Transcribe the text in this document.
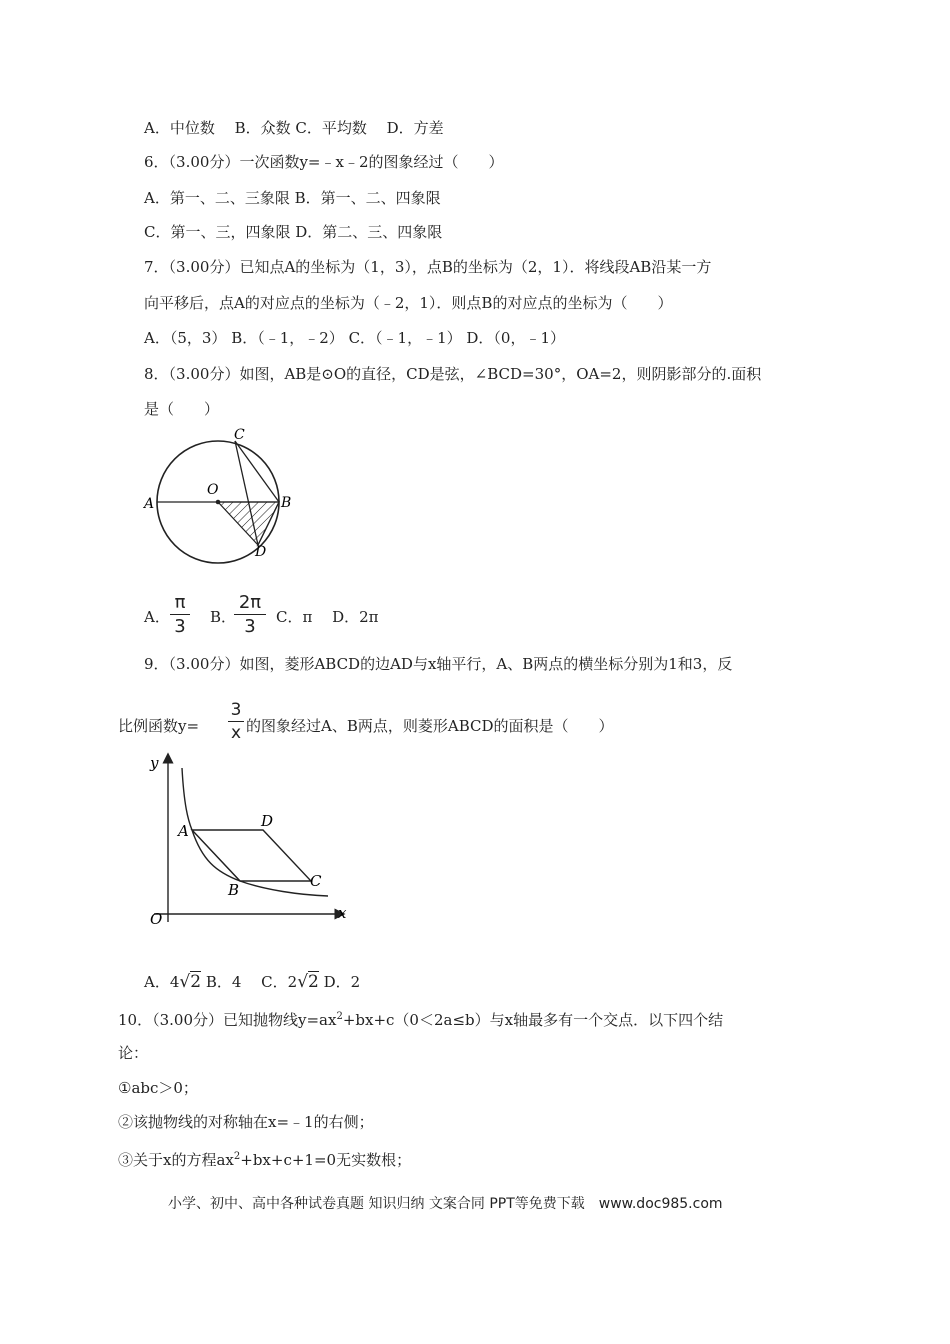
A．中位数　 B．众数 C．平均数　 D．方差
6．（3.00分）一次函数y=﹣x﹣2的图象经过（　　）
A．第一、二、三象限 B．第一、二、四象限
C．第一、三，四象限 D．第二、三、四象限
7．（3.00分）已知点A的坐标为（1，3），点B的坐标为（2，1）．将线段AB沿某一方
向平移后，点A的对应点的坐标为（﹣2，1）．则点B的对应点的坐标为（　　）
A．（5，3） B．（﹣1，﹣2） C．（﹣1，﹣1） D．（0，﹣1）
8．（3.00分）如图，AB是⊙O的直径，CD是弦，∠BCD=30°，OA=2，则阴影部分的.面积
是（　　）
A	B
C
D
O
A．
π
3 B．
2π
3	C．π　 D．2π
9．（3.00分）如图，菱形ABCD的边AD与x轴平行，A、B两点的横坐标分别为1和3，反
比例函数y=
3
x 的图象经过A、B两点，则菱形ABCD的面积是（　　）
y
x
O
A
B	C
D
A．4√2 B．4　 C．2√2 D．2
10．（3.00分）已知抛物线$y=ax^2+bx+c(0<2a\le b)$与x轴最多有一个交点．以下四个结
论：
①abc＞0；
②该抛物线的对称轴在x=﹣1的右侧；
③关于x的方程$ax^2+bx+c+1=0$无实数根；
小学、初中、高中各种试卷真题 知识归纳 文案合同 PPT等免费下载　www.doc985.com
